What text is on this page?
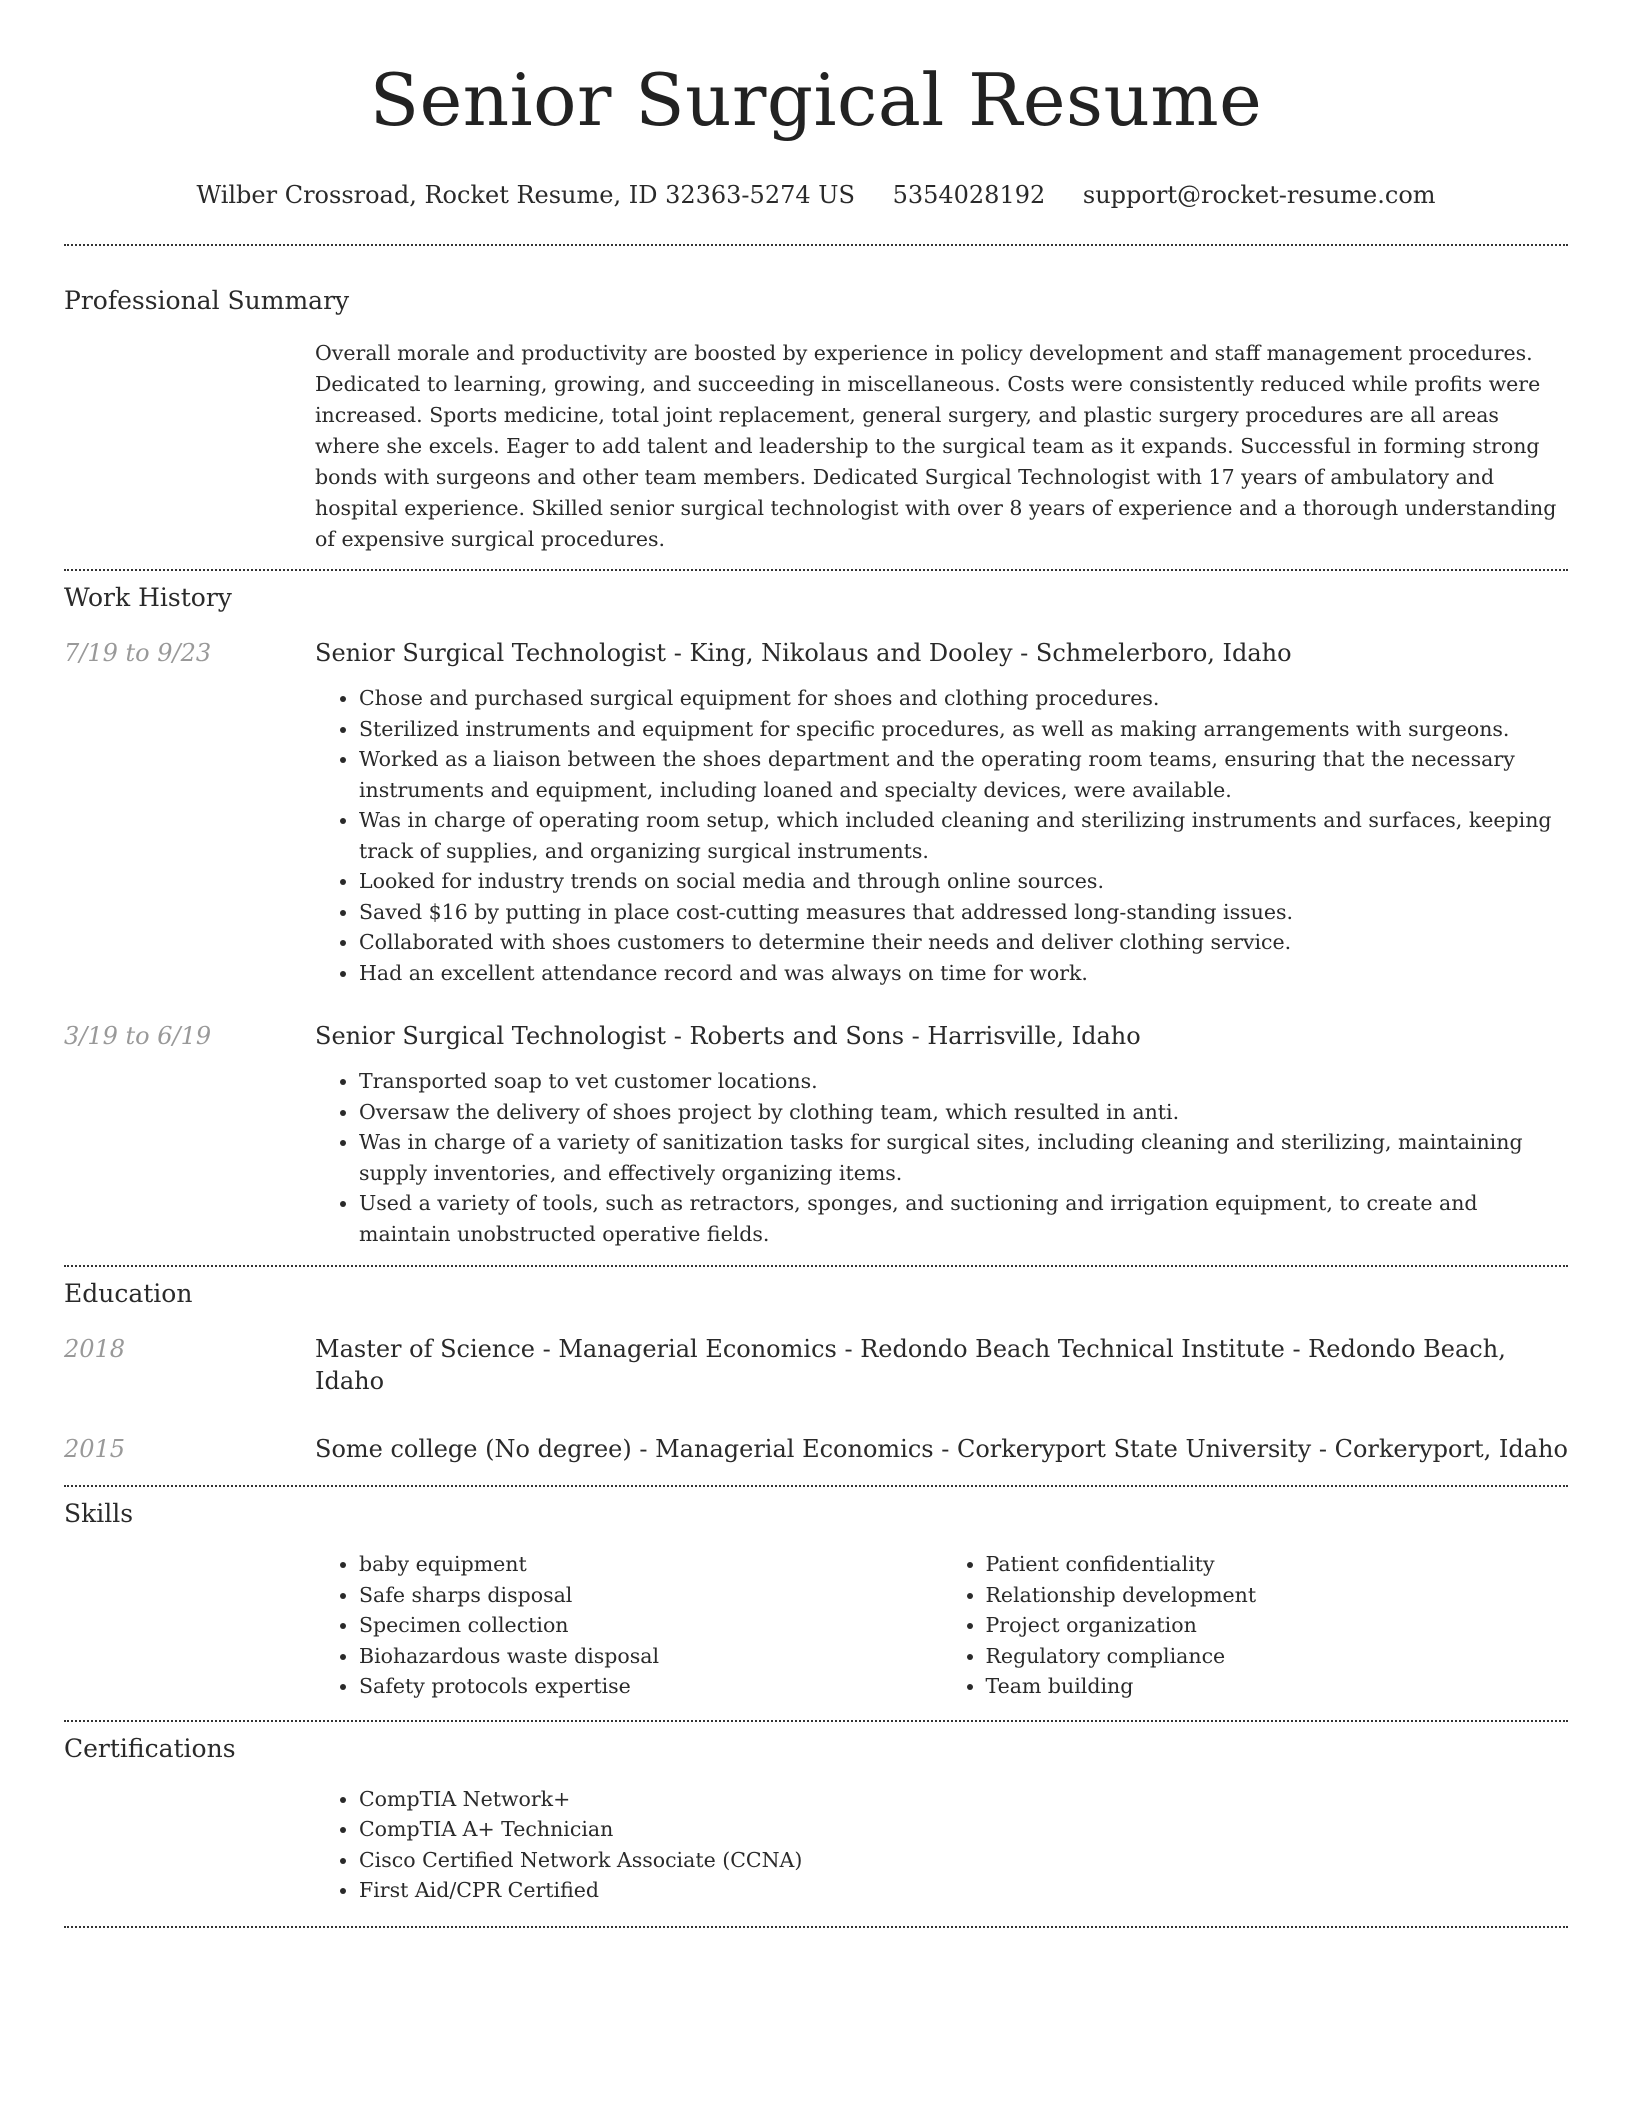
Senior Surgical Resume
Wilber Crossroad, Rocket Resume, ID 32363-5274 US 5354028192 support@rocket-resume.com
Professional Summary
Overall morale and productivity are boosted by experience in policy development and staff management procedures. Dedicated to learning, growing, and succeeding in miscellaneous. Costs were consistently reduced while profits were increased. Sports medicine, total joint replacement, general surgery, and plastic surgery procedures are all areas where she excels. Eager to add talent and leadership to the surgical team as it expands. Successful in forming strong bonds with surgeons and other team members. Dedicated Surgical Technologist with 17 years of ambulatory and hospital experience. Skilled senior surgical technologist with over 8 years of experience and a thorough understanding of expensive surgical procedures.
Work History
7/19 to 9/23	Senior Surgical Technologist - King, Nikolaus and Dooley - Schmelerboro, Idaho
• Chose and purchased surgical equipment for shoes and clothing procedures.
• Sterilized instruments and equipment for specific procedures, as well as making arrangements with surgeons.
• Worked as a liaison between the shoes department and the operating room teams, ensuring that the necessary instruments and equipment, including loaned and specialty devices, were available.
• Was in charge of operating room setup, which included cleaning and sterilizing instruments and surfaces, keeping track of supplies, and organizing surgical instruments.
• Looked for industry trends on social media and through online sources.
• Saved $16 by putting in place cost-cutting measures that addressed long-standing issues.
• Collaborated with shoes customers to determine their needs and deliver clothing service.
• Had an excellent attendance record and was always on time for work.
3/19 to 6/19	Senior Surgical Technologist - Roberts and Sons - Harrisville, Idaho
• Transported soap to vet customer locations.
• Oversaw the delivery of shoes project by clothing team, which resulted in anti.
• Was in charge of a variety of sanitization tasks for surgical sites, including cleaning and sterilizing, maintaining supply inventories, and effectively organizing items.
• Used a variety of tools, such as retractors, sponges, and suctioning and irrigation equipment, to create and maintain unobstructed operative fields.
Education
2018	Master of Science - Managerial Economics - Redondo Beach Technical Institute - Redondo Beach, Idaho
2015	Some college (No degree) - Managerial Economics - Corkeryport State University - Corkeryport, Idaho
Skills
• baby equipment
• Safe sharps disposal
• Specimen collection
• Biohazardous waste disposal
• Safety protocols expertise
• Patient confidentiality
• Relationship development
• Project organization
• Regulatory compliance
• Team building
Certifications
• CompTIA Network+
• CompTIA A+ Technician
• Cisco Certified Network Associate (CCNA)
• First Aid/CPR Certified
